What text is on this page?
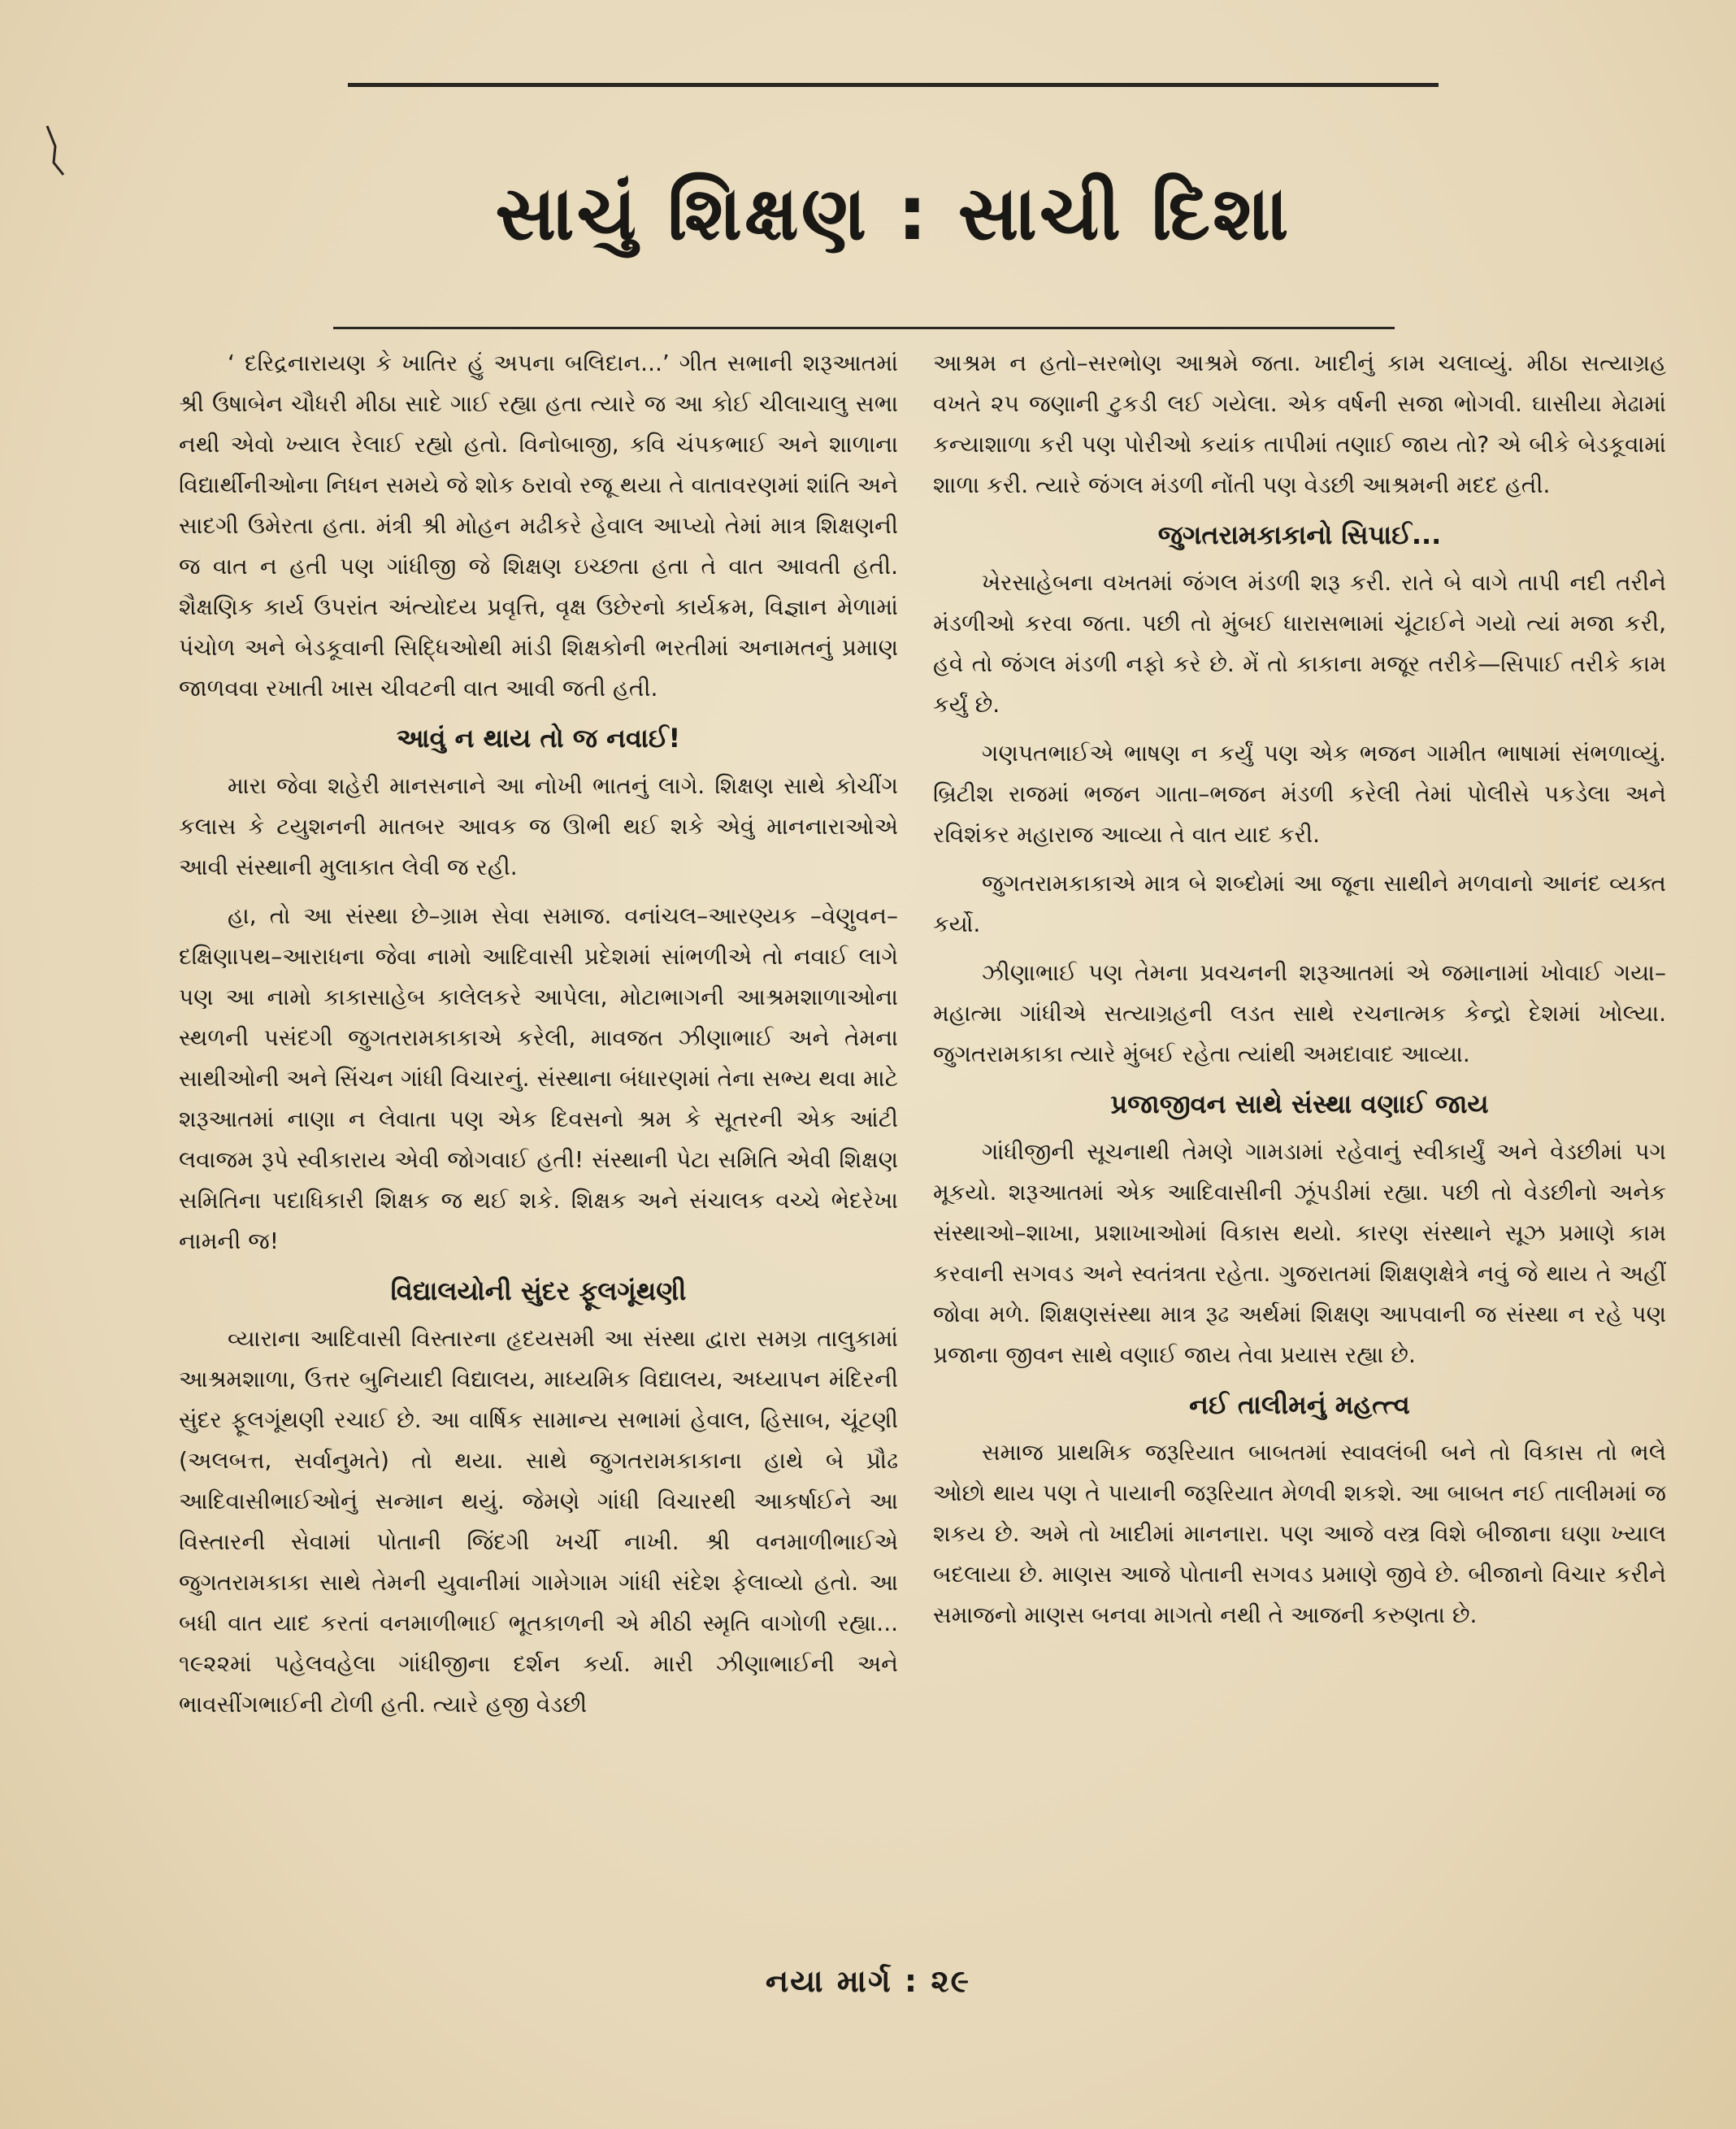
સાચું શિક્ષણ : સાચી દિશા

‘ દરિદ્રનારાયણ કે ખાતિર હું અપના બલિદાન...’ ગીત સભાની શરૂઆતમાં શ્રી ઉષાબેન ચૌધરી મીઠા સાદે ગાઈ રહ્યા હતા ત્યારે જ આ કોઈ ચીલાચાલુ સભા નથી એવો ખ્યાલ રેલાઈ રહ્યો હતો. વિનોબાજી, કવિ ચંપકભાઈ અને શાળાના વિદ્યાર્થીનીઓના નિધન સમયે જે શોક ઠરાવો રજૂ થયા તે વાતાવરણમાં શાંતિ અને સાદગી ઉમેરતા હતા. મંત્રી શ્રી મોહન મઢીકરે હેવાલ આપ્યો તેમાં માત્ર શિક્ષણની જ વાત ન હતી પણ ગાંધીજી જે શિક્ષણ ઇચ્છતા હતા તે વાત આવતી હતી. શૈક્ષણિક કાર્ય ઉપરાંત અંત્યોદય પ્રવૃત્તિ, વૃક્ષ ઉછેરનો કાર્યક્રમ, વિજ્ઞાન મેળામાં પંચોળ અને બેડકૂવાની સિદ્ધિઓથી માંડી શિક્ષકોની ભરતીમાં અનામતનું પ્રમાણ જાળવવા રખાતી ખાસ ચીવટની વાત આવી જતી હતી.

આવું ન થાય તો જ નવાઈ!

મારા જેવા શહેરી માનસનાને આ નોખી ભાતનું લાગે. શિક્ષણ સાથે કોચીંગ કલાસ કે ટયુશનની માતબર આવક જ ઊભી થઈ શકે એવું માનનારાઓએ આવી સંસ્થાની મુલાકાત લેવી જ રહી.

હા, તો આ સંસ્થા છે–ગ્રામ સેવા સમાજ. વનાંચલ–આરણ્યક –વેણુવન–દક્ષિણાપથ–આરાધના જેવા નામો આદિવાસી પ્રદેશમાં સાંભળીએ તો નવાઈ લાગે પણ આ નામો કાકાસાહેબ કાલેલકરે આપેલા, મોટાભાગની આશ્રમશાળાઓના સ્થળની પસંદગી જુગતરામકાકાએ કરેલી, માવજત ઝીણાભાઈ અને તેમના સાથીઓની અને સિંચન ગાંધી વિચારનું. સંસ્થાના બંધારણમાં તેના સભ્ય થવા માટે શરૂઆતમાં નાણા ન લેવાતા પણ એક દિવસનો શ્રમ કે સૂતરની એક આંટી લવાજમ રૂપે સ્વીકારાય એવી જોગવાઈ હતી! સંસ્થાની પેટા સમિતિ એવી શિક્ષણ સમિતિના પદાધિકારી શિક્ષક જ થઈ શકે. શિક્ષક અને સંચાલક વચ્ચે ભેદરેખા નામની જ!

વિદ્યાલયોની સુંદર ફૂલગૂંથણી

વ્યારાના આદિવાસી વિસ્તારના હૃદયસમી આ સંસ્થા દ્વારા સમગ્ર તાલુકામાં આશ્રમશાળા, ઉત્તર બુનિયાદી વિદ્યાલય, માધ્યમિક વિદ્યાલય, અધ્યાપન મંદિરની સુંદર ફૂલગૂંથણી રચાઈ છે. આ વાર્ષિક સામાન્ય સભામાં હેવાલ, હિસાબ, ચૂંટણી (અલબત્ત, સર્વાનુમતે) તો થયા. સાથે જુગતરામકાકાના હાથે બે પ્રૌઢ આદિવાસીભાઈઓનું સન્માન થયું. જેમણે ગાંધી વિચારથી આકર્ષાઈને આ વિસ્તારની સેવામાં પોતાની જિંદગી ખર્ચી નાખી. શ્રી વનમાળીભાઈએ જુગતરામકાકા સાથે તેમની યુવાનીમાં ગામેગામ ગાંધી સંદેશ ફેલાવ્યો હતો. આ બધી વાત યાદ કરતાં વનમાળીભાઈ ભૂતકાળની એ મીઠી સ્મૃતિ વાગોળી રહ્યા... ૧૯૨૨માં પહેલવહેલા ગાંધીજીના દર્શન કર્યા. મારી ઝીણાભાઈની અને ભાવસીંગભાઈની ટોળી હતી. ત્યારે હજી વેડછી

આશ્રમ ન હતો–સરભોણ આશ્રમે જતા. ખાદીનું કામ ચલાવ્યું. મીઠા સત્યાગ્રહ વખતે ૨૫ જણાની ટુકડી લઈ ગયેલા. એક વર્ષની સજા ભોગવી. ઘાસીયા મેઢામાં કન્યાશાળા કરી પણ પોરીઓ કયાંક તાપીમાં તણાઈ જાય તો? એ બીકે બેડકૂવામાં શાળા કરી. ત્યારે જંગલ મંડળી નોંતી પણ વેડછી આશ્રમની મદદ હતી.

જુગતરામકાકાનો સિપાઈ...

ખેરસાહેબના વખતમાં જંગલ મંડળી શરૂ કરી. રાતે બે વાગે તાપી નદી તરીને મંડળીઓ કરવા જતા. પછી તો મુંબઈ ધારાસભામાં ચૂંટાઈને ગયો ત્યાં મજા કરી, હવે તો જંગલ મંડળી નફો કરે છે. મેં તો કાકાના મજૂર તરીકે—સિપાઈ તરીકે કામ કર્યું છે.

ગણપતભાઈએ ભાષણ ન કર્યું પણ એક ભજન ગામીત ભાષામાં સંભળાવ્યું. બ્રિટીશ રાજમાં ભજન ગાતા–ભજન મંડળી કરેલી તેમાં પોલીસે પકડેલા અને રવિશંકર મહારાજ આવ્યા તે વાત યાદ કરી.

જુગતરામકાકાએ માત્ર બે શબ્દોમાં આ જૂના સાથીને મળવાનો આનંદ વ્યક્ત કર્યો.

ઝીણાભાઈ પણ તેમના પ્રવચનની શરૂઆતમાં એ જમાનામાં ખોવાઈ ગયા–મહાત્મા ગાંધીએ સત્યાગ્રહની લડત સાથે રચનાત્મક કેન્દ્રો દેશમાં ખોલ્યા. જુગતરામકાકા ત્યારે મુંબઈ રહેતા ત્યાંથી અમદાવાદ આવ્યા.

પ્રજાજીવન સાથે સંસ્થા વણાઈ જાય

ગાંધીજીની સૂચનાથી તેમણે ગામડામાં રહેવાનું સ્વીકાર્યું અને વેડછીમાં પગ મૂકયો. શરૂઆતમાં એક આદિવાસીની ઝૂંપડીમાં રહ્યા. પછી તો વેડછીનો અનેક સંસ્થાઓ–શાખા, પ્રશાખાઓમાં વિકાસ થયો. કારણ સંસ્થાને સૂઝ પ્રમાણે કામ કરવાની સગવડ અને સ્વતંત્રતા રહેતા. ગુજરાતમાં શિક્ષણક્ષેત્રે નવું જે થાય તે અહીં જોવા મળે. શિક્ષણસંસ્થા માત્ર રૂઢ અર્થમાં શિક્ષણ આપવાની જ સંસ્થા ન રહે પણ પ્રજાના જીવન સાથે વણાઈ જાય તેવા પ્રયાસ રહ્યા છે.

નઈ તાલીમનું મહત્ત્વ

સમાજ પ્રાથમિક જરૂરિયાત બાબતમાં સ્વાવલંબી બને તો વિકાસ તો ભલે ઓછો થાય પણ તે પાયાની જરૂરિયાત મેળવી શકશે. આ બાબત નઈ તાલીમમાં જ શકય છે. અમે તો ખાદીમાં માનનારા. પણ આજે વસ્ત્ર વિશે બીજાના ઘણા ખ્યાલ બદલાયા છે. માણસ આજે પોતાની સગવડ પ્રમાણે જીવે છે. બીજાનો વિચાર કરીને સમાજનો માણસ બનવા માગતો નથી તે આજની કરુણતા છે.

નયા માર્ગ : ૨૯
